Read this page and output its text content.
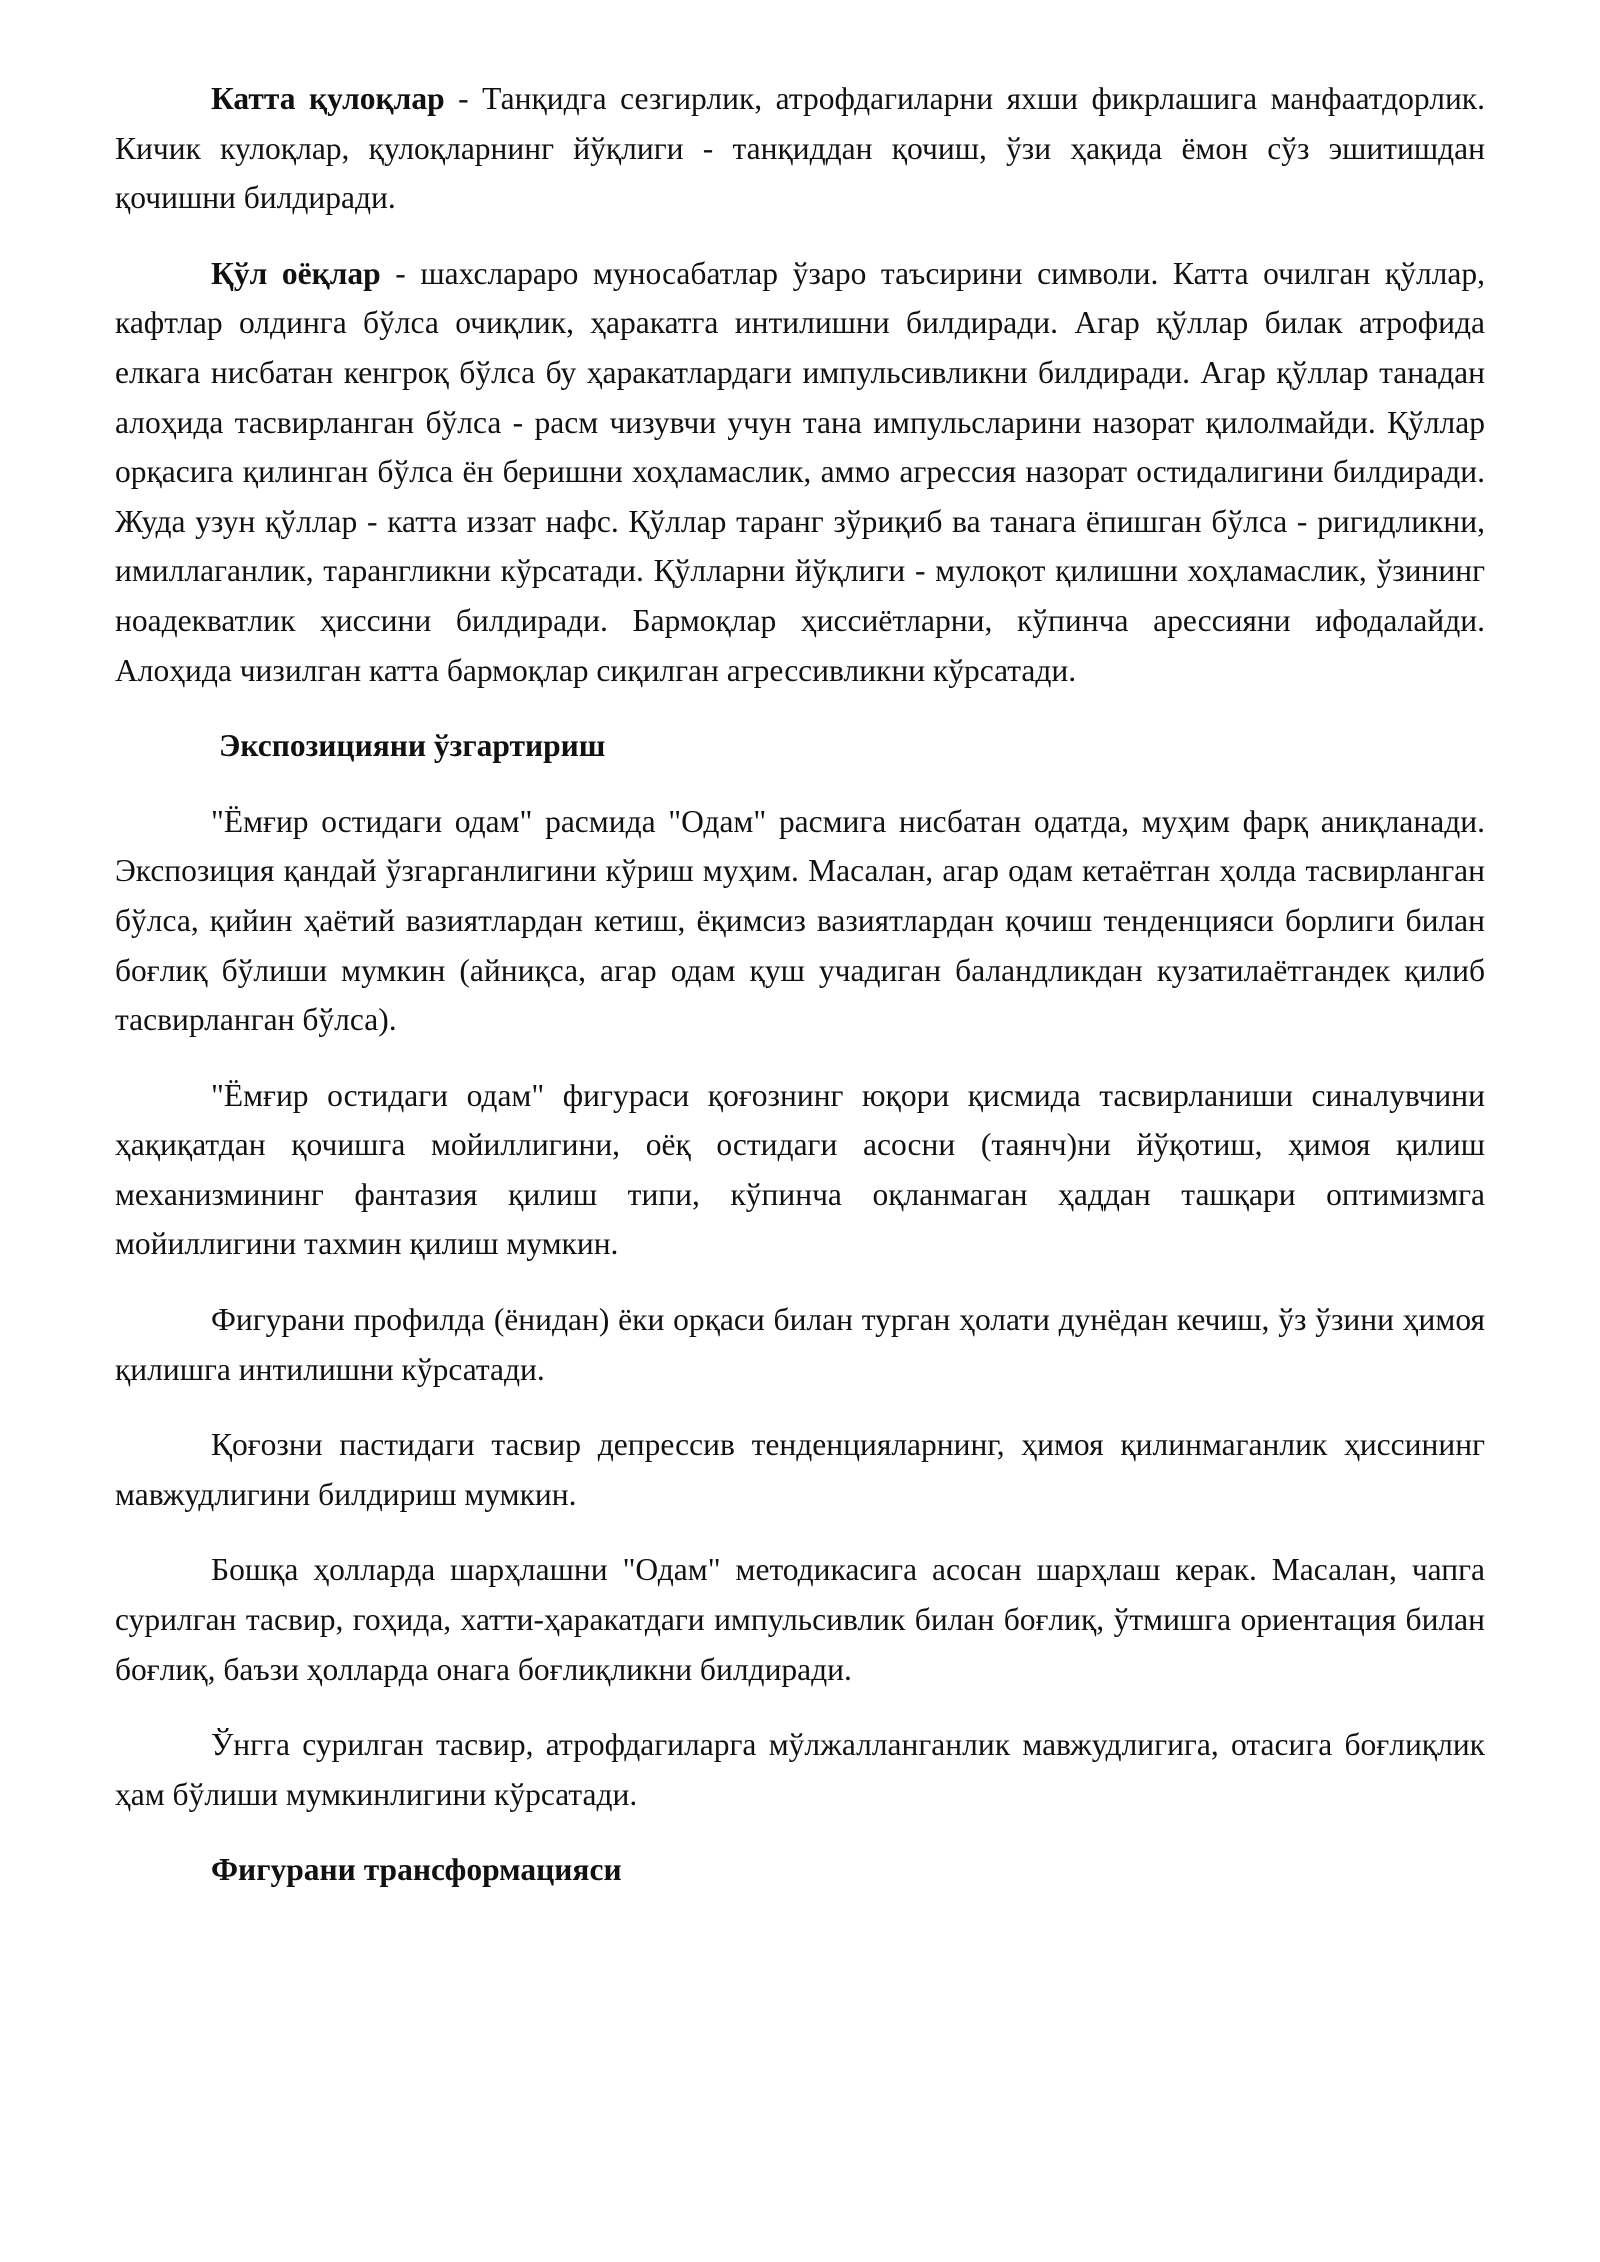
Катта қулоқлар - Танқидга сезгирлик, атрофдагиларни яхши фикрлашига манфаатдорлик. Кичик кулоқлар, қулоқларнинг йўқлиги - танқиддан қочиш, ўзи ҳақида ёмон сўз эшитишдан қочишни билдиради.

Қўл оёқлар - шахслараро муносабатлар ўзаро таъсирини символи. Катта очилган қўллар, кафтлар олдинга бўлса очиқлик, ҳаракатга интилишни билдиради. Агар қўллар билак атрофида елкага нисбатан кенгроқ бўлса бу ҳаракатлардаги импульсивликни билдиради. Агар қўллар танадан алоҳида тасвирланган бўлса - расм чизувчи учун тана импульсларини назорат қилолмайди. Қўллар орқасига қилинган бўлса ён беришни хоҳламаслик, аммо агрессия назорат остидалигини билдиради. Жуда узун қўллар - катта иззат нафс. Қўллар таранг зўриқиб ва танага ёпишган бўлса - ригидликни, имиллаганлик, тарангликни кўрсатади. Қўлларни йўқлиги - мулоқот қилишни хоҳламаслик, ўзининг ноадекватлик ҳиссини билдиради. Бармоқлар ҳиссиётларни, кўпинча арессияни ифодалайди. Алоҳида чизилган катта бармоқлар сиқилган агрессивликни кўрсатади.

Экспозицияни ўзгартириш

"Ёмғир остидаги одам" расмида "Одам" расмига нисбатан одатда, муҳим фарқ аниқланади. Экспозиция қандай ўзгарганлигини кўриш муҳим. Масалан, агар одам кетаётган ҳолда тасвирланган бўлса, қийин ҳаётий вазиятлардан кетиш, ёқимсиз вазиятлардан қочиш тенденцияси борлиги билан боғлиқ бўлиши мумкин (айниқса, агар одам қуш учадиган баландликдан кузатилаётгандек қилиб тасвирланган бўлса).

"Ёмғир остидаги одам" фигураси қоғознинг юқори қисмида тасвирланиши синалувчини ҳақиқатдан қочишга мойиллигини, оёқ остидаги асосни (таянч)ни йўқотиш, ҳимоя қилиш механизмининг фантазия қилиш типи, кўпинча оқланмаган ҳаддан ташқари оптимизмга мойиллигини тахмин қилиш мумкин.

Фигурани профилда (ёнидан) ёки орқаси билан турган ҳолати дунёдан кечиш, ўз ўзини ҳимоя қилишга интилишни кўрсатади.

Қоғозни пастидаги тасвир депрессив тенденцияларнинг, ҳимоя қилинмаганлик ҳиссининг мавжудлигини билдириш мумкин.

Бошқа ҳолларда шарҳлашни "Одам" методикасига асосан шарҳлаш керак. Масалан, чапга сурилган тасвир, гоҳида, хатти-ҳаракатдаги импульсивлик билан боғлиқ, ўтмишга ориентация билан боғлиқ, баъзи ҳолларда онага боғлиқликни билдиради.

Ўнгга сурилган тасвир, атрофдагиларга мўлжалланганлик мавжудлигига, отасига боғлиқлик ҳам бўлиши мумкинлигини кўрсатади.

Фигурани трансформацияси
